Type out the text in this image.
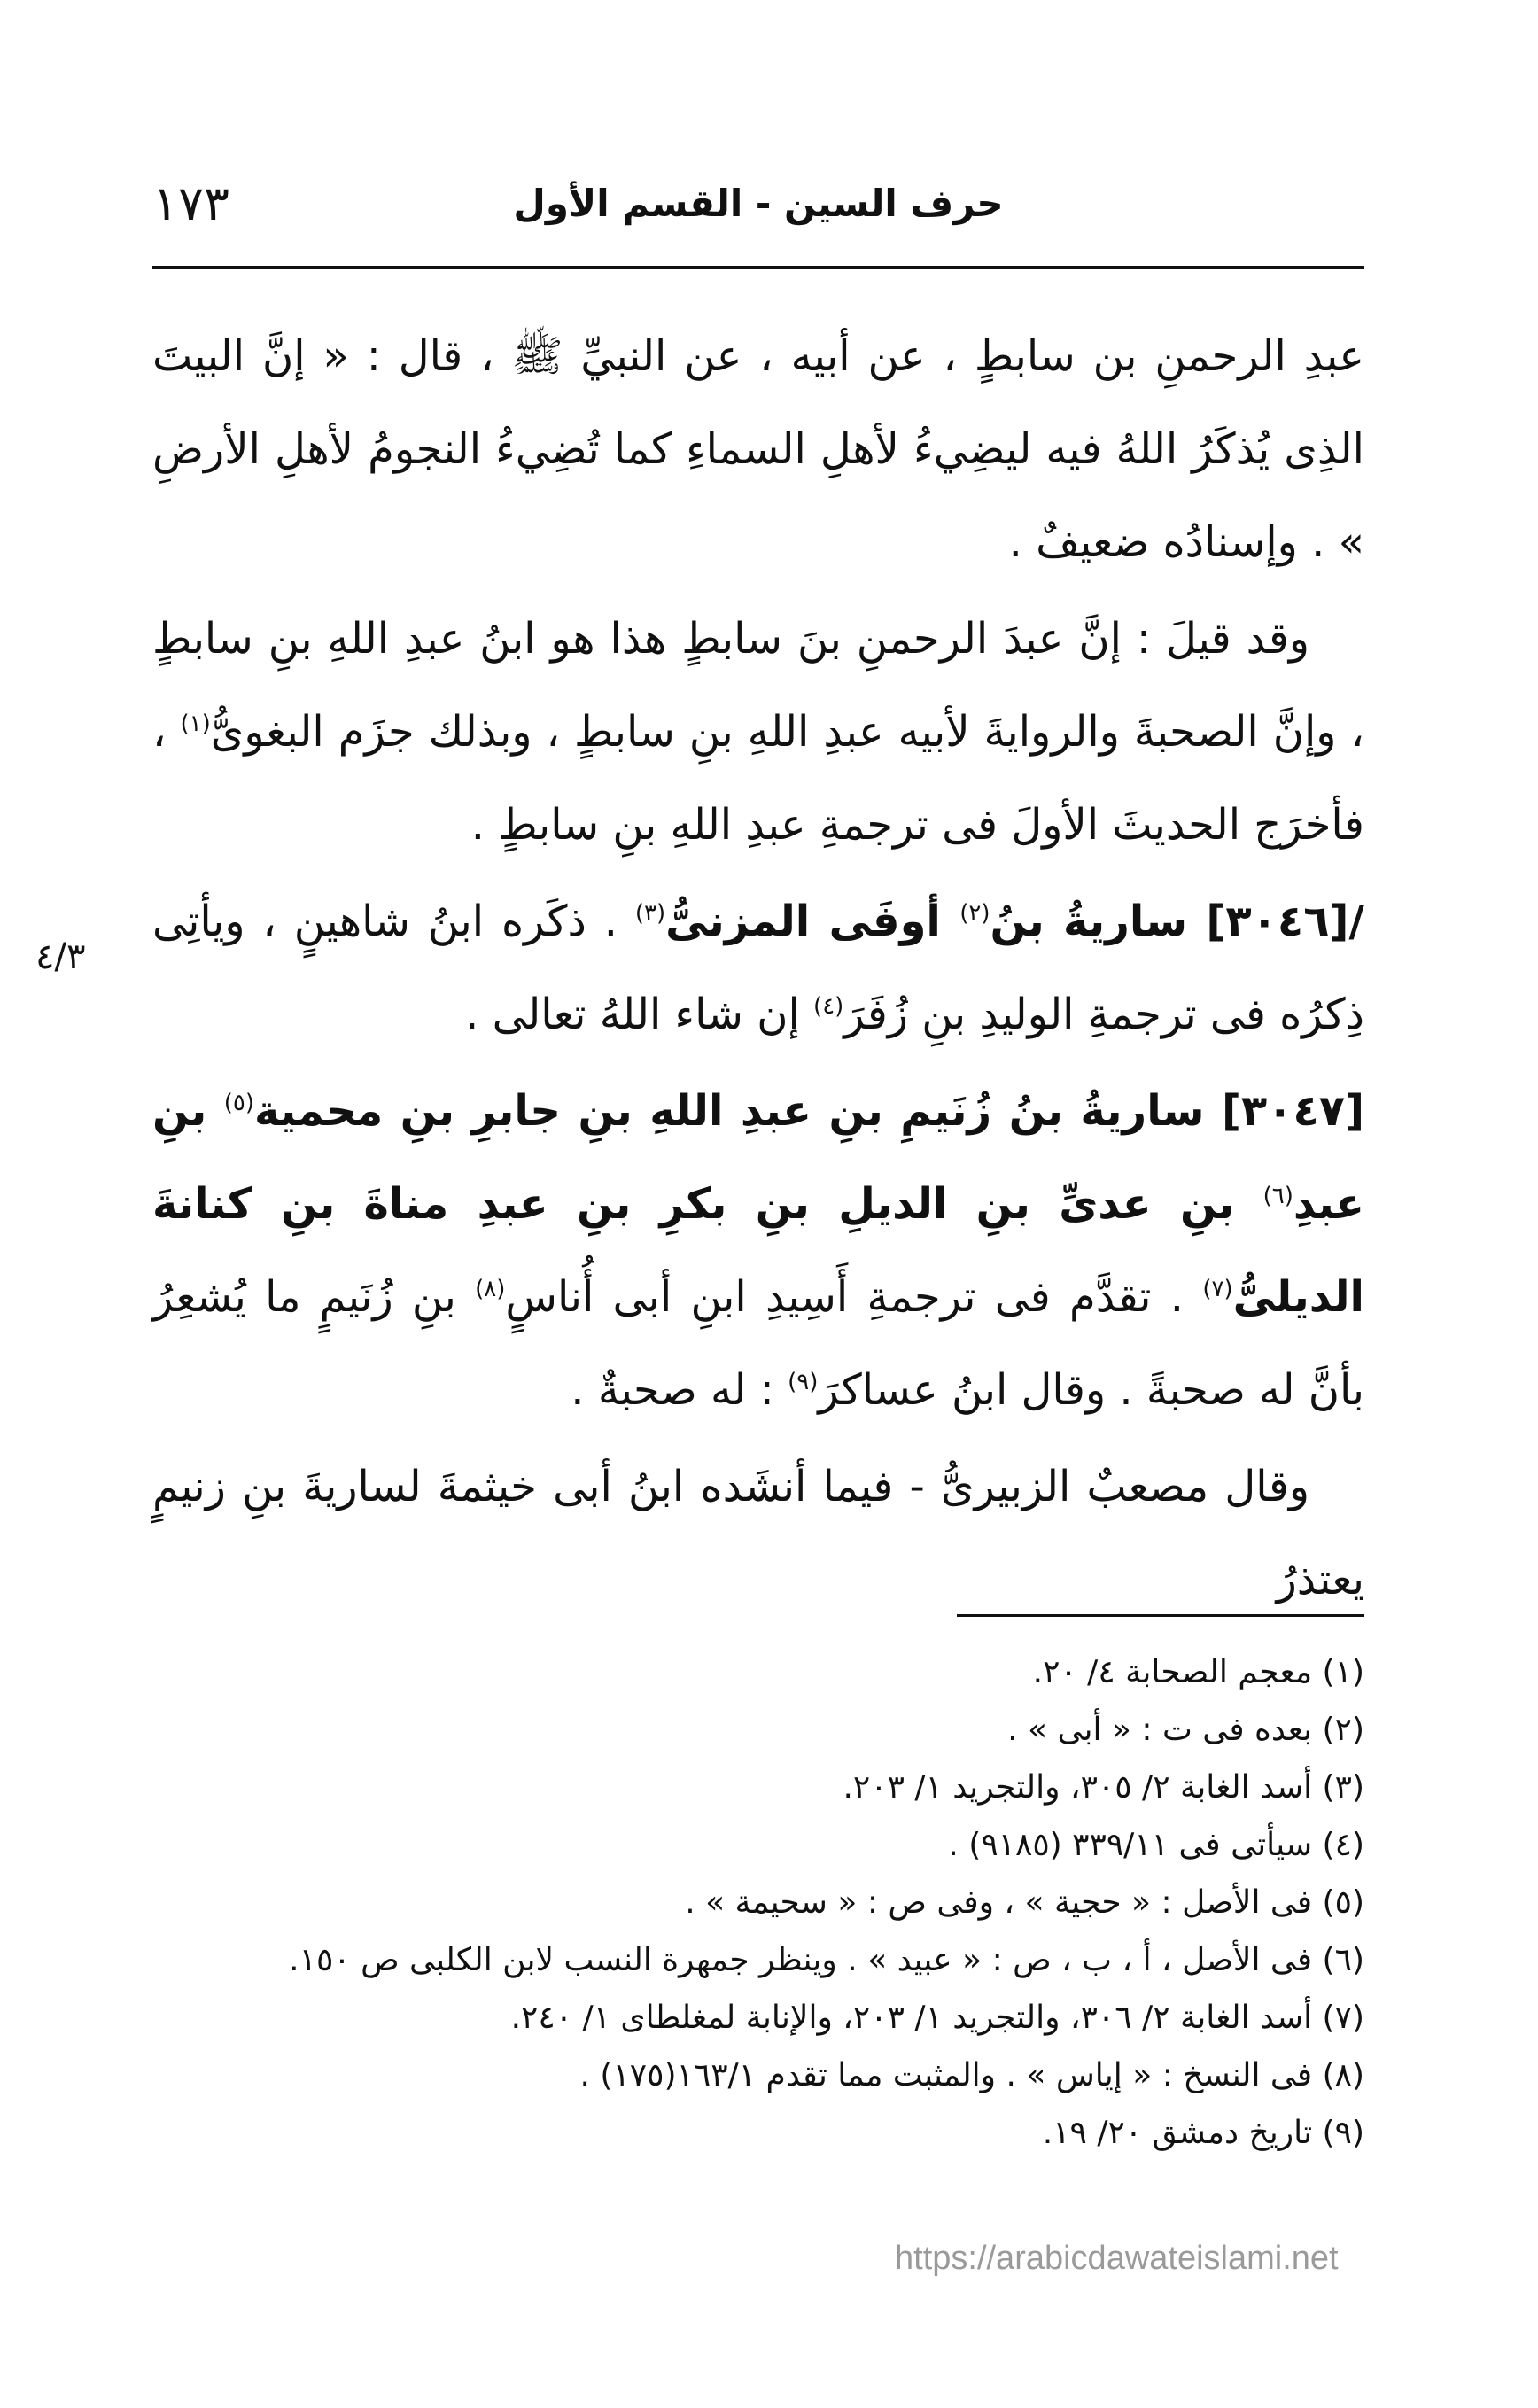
١٧٣	حرف السين - القسم الأول
٤/٣

عبدِ الرحمنِ بن سابطٍ ، عن أبيه ، عن النبيِّ ﷺ ، قال : « إنَّ البيتَ الذِى يُذكَرُ اللهُ فيه ليضِيءُ لأهلِ السماءِ كما تُضِيءُ النجومُ لأهلِ الأرضِ » . وإسنادُه ضعيفٌ .

وقد قيلَ : إنَّ عبدَ الرحمنِ بنَ سابطٍ هذا هو ابنُ عبدِ اللهِ بنِ سابطٍ ، وإنَّ الصحبةَ والروايةَ لأبيه عبدِ اللهِ بنِ سابطٍ ، وبذلك جزَم البغوىُّ$^{(١)}$ ، فأخرَج الحديثَ الأولَ فى ترجمةِ عبدِ اللهِ بنِ سابطٍ .

/[٣٠٤٦] ساريةُ بنُ$^{(٢)}$ أوفَى المزنىُّ$^{(٣)}$ . ذكَره ابنُ شاهينٍ ، ويأتِى ذِكرُه فى ترجمةِ الوليدِ بنِ زُفَرَ$^{(٤)}$ إن شاء اللهُ تعالى .

[٣٠٤٧] ساريةُ بنُ زُنَيمِ بنِ عبدِ اللهِ بنِ جابرِ بنِ محمية$^{(٥)}$ بنِ عبدِ$^{(٦)}$ بنِ عدىِّ بنِ الديلِ بنِ بكرِ بنِ عبدِ مناةَ بنِ كنانةَ الديلىُّ$^{(٧)}$ . تقدَّم فى ترجمةِ أَسِيدِ ابنِ أبى أُناسٍ$^{(٨)}$ بنِ زُنَيمٍ ما يُشعِرُ بأنَّ له صحبةً . وقال ابنُ عساكرَ$^{(٩)}$ : له صحبةٌ .

وقال مصعبٌ الزبيرىُّ - فيما أنشَده ابنُ أبى خيثمةَ لساريةَ بنِ زنيمٍ يعتذرُ

(١) معجم الصحابة ٤/ ٢٠.

(٢) بعده فى ت : « أبى » .

(٣) أسد الغابة ٢/ ٣٠٥، والتجريد ١/ ٢٠٣.

(٤) سيأتى فى ٣٣٩/١١ (٩١٨٥) .

(٥) فى الأصل : « حجية » ، وفى ص : « سحيمة » .

(٦) فى الأصل ، أ ، ب ، ص : « عبيد » . وينظر جمهرة النسب لابن الكلبى ص ١٥٠.

(٧) أسد الغابة ٢/ ٣٠٦، والتجريد ١/ ٢٠٣، والإنابة لمغلطاى ١/ ٢٤٠.

(٨) فى النسخ : « إياس » . والمثبت مما تقدم ١٦٣/١(١٧٥) .

(٩) تاريخ دمشق ٢٠/ ١٩.

https://arabicdawateislami.net
